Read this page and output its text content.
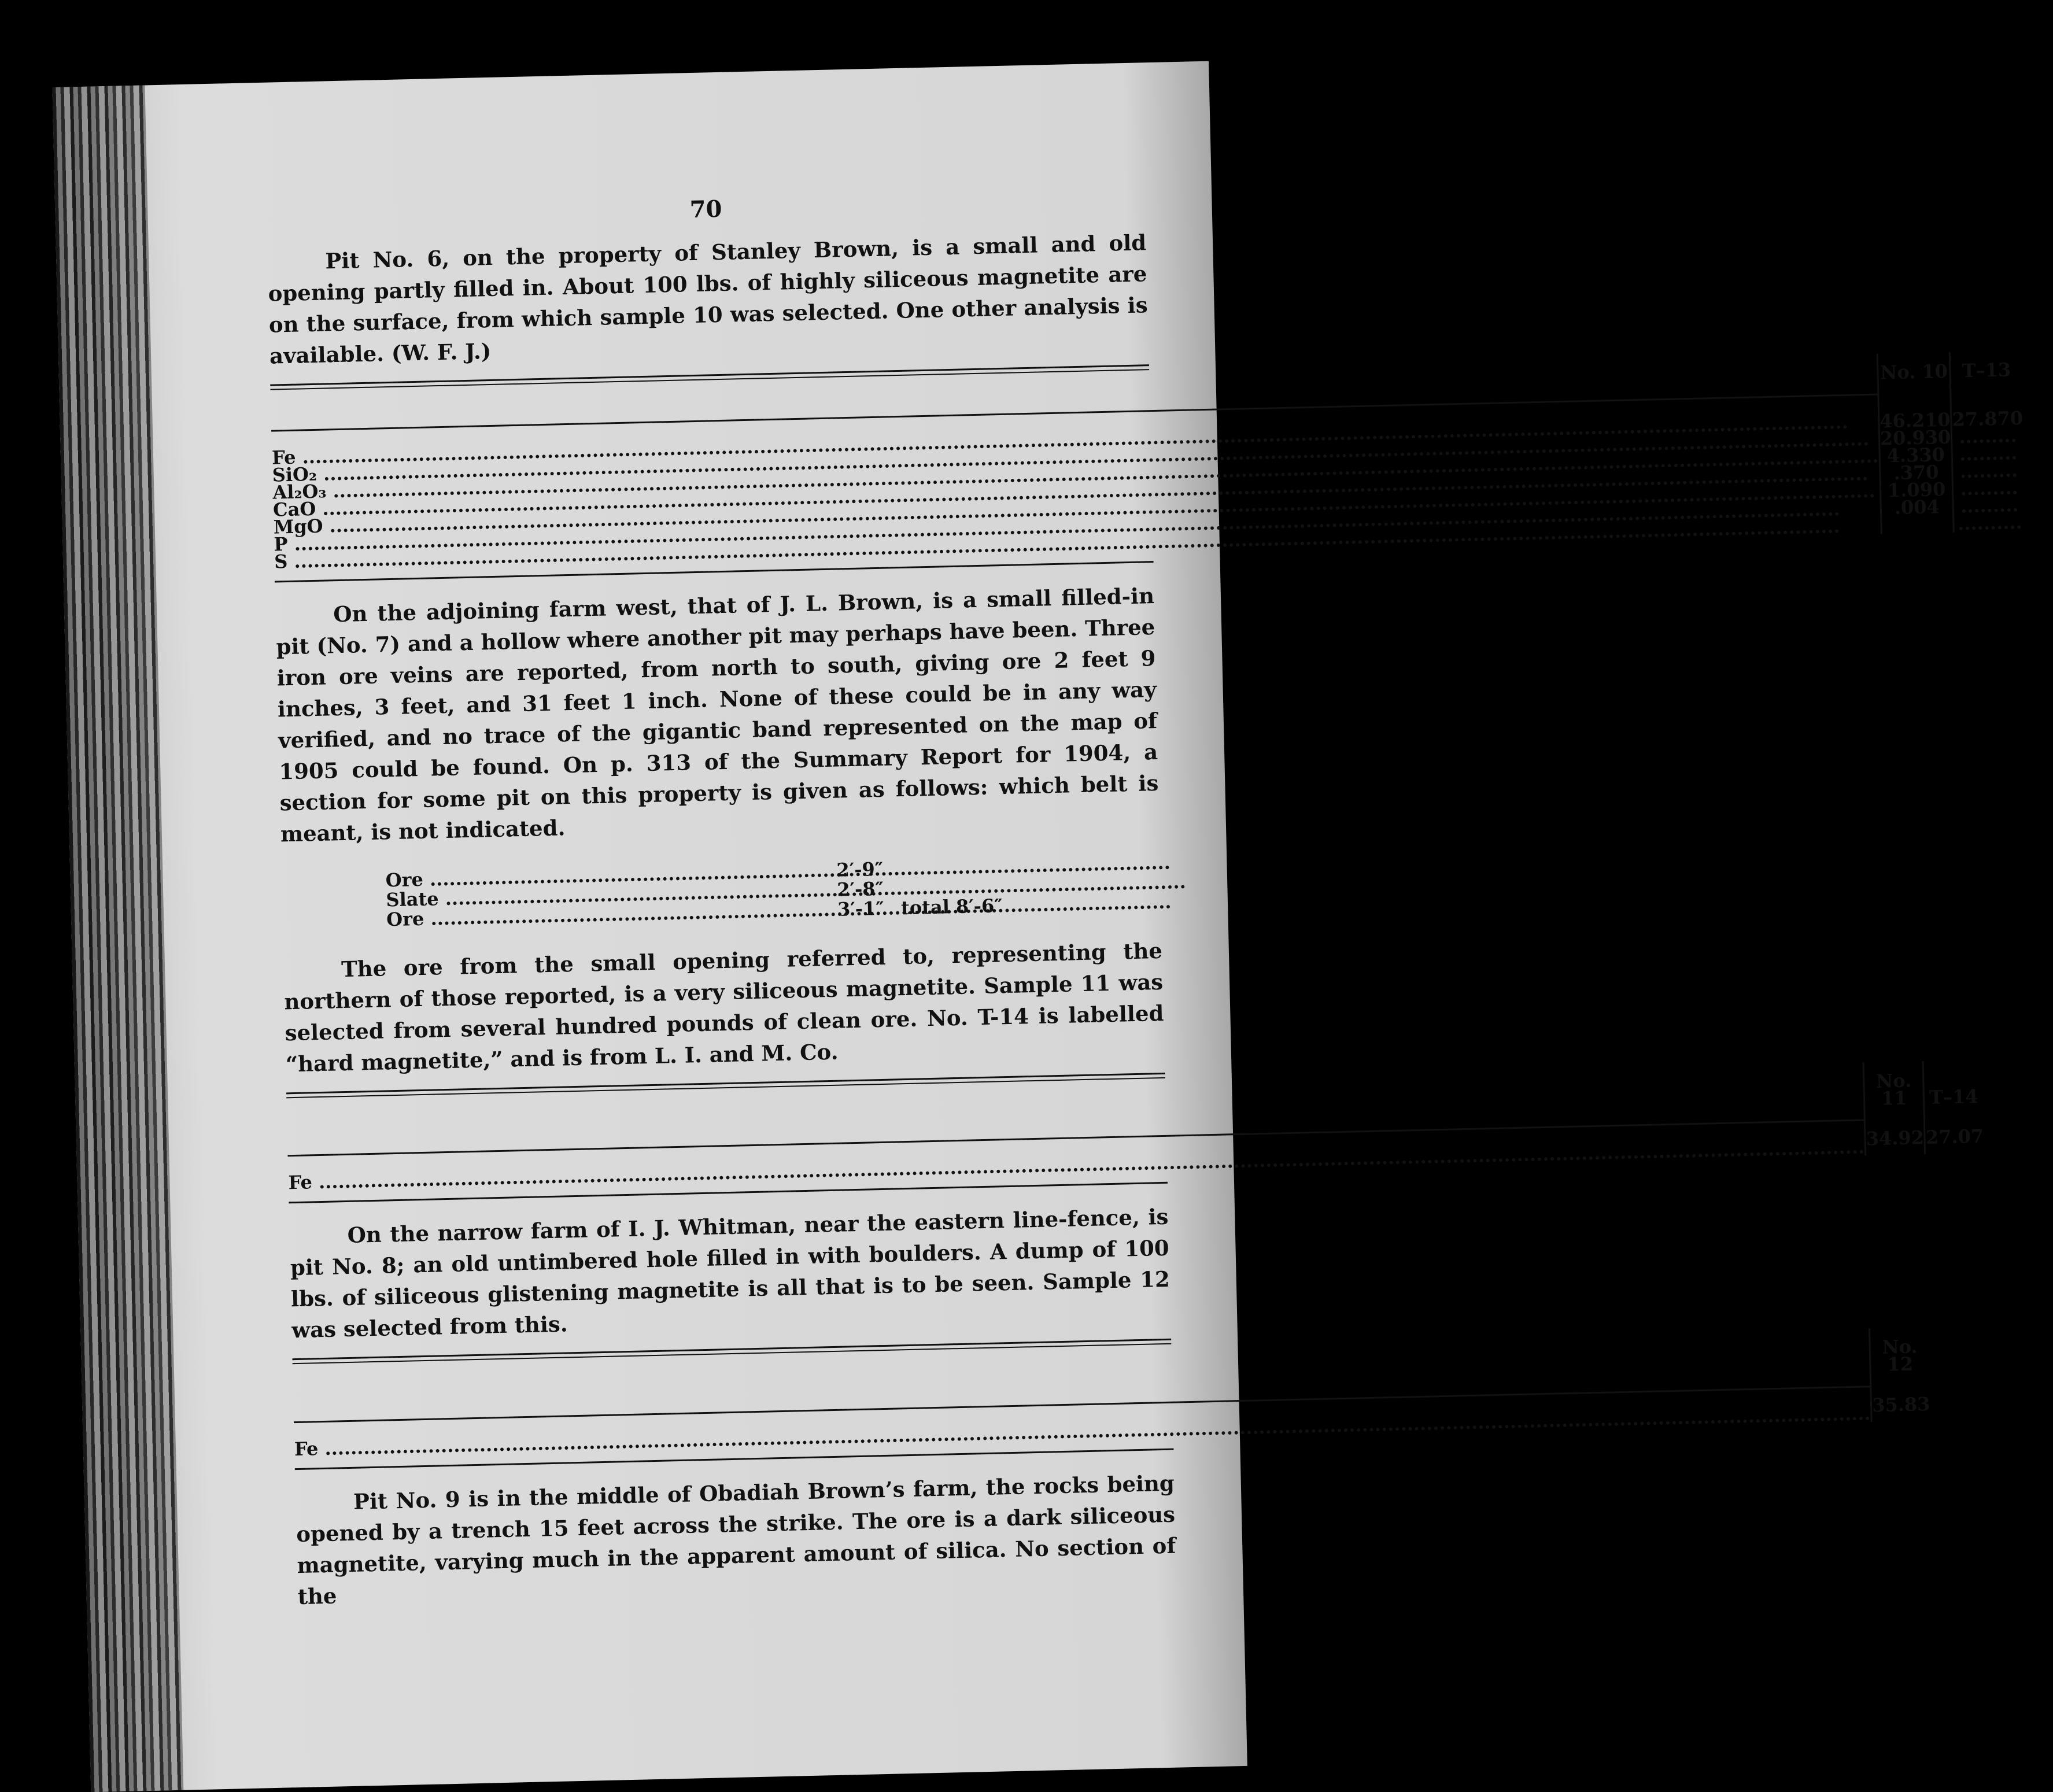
70

Pit No. 6, on the property of Stanley Brown, is a small and old opening partly filled in. About 100 lbs. of highly siliceous magnetite are on the surface, from which sample 10 was selected. One other analysis is available. (W. F. J.)

	No. 10	T–13
Fe .....	46.210	27.870
SiO₂ .....	20.930	.........
Al₂O₃ .....	4.330	.........
CaO .....	.370	.........
MgO .....	1.090	.........
P .....	.004	.........
S .....		..........

On the adjoining farm west, that of J. L. Brown, is a small filled-in pit (No. 7) and a hollow where another pit may perhaps have been. Three iron ore veins are reported, from north to south, giving ore 2 feet 9 inches, 3 feet, and 31 feet 1 inch. None of these could be in any way verified, and no trace of the gigantic band represented on the map of 1905 could be found. On p. 313 of the Summary Report for 1904, a section for some pit on this property is given as follows: which belt is meant, is not indicated.

Ore .....	2′-9″
Slate .....	2′-8″
Ore .....	3′-1″ total 8′-6″

The ore from the small opening referred to, representing the northern of those reported, is a very siliceous magnetite. Sample 11 was selected from several hundred pounds of clean ore. No. T-14 is labelled “hard magnetite,” and is from L. I. and M. Co.

	No. 11	T–14
Fe .....	34.92	27.07

On the narrow farm of I. J. Whitman, near the eastern line-fence, is pit No. 8; an old untimbered hole filled in with boulders. A dump of 100 lbs. of siliceous glistening magnetite is all that is to be seen. Sample 12 was selected from this.

	No. 12
Fe .....	35.83

Pit No. 9 is in the middle of Obadiah Brown’s farm, the rocks being opened by a trench 15 feet across the strike. The ore is a dark siliceous magnetite, varying much in the apparent amount of silica. No section of the
